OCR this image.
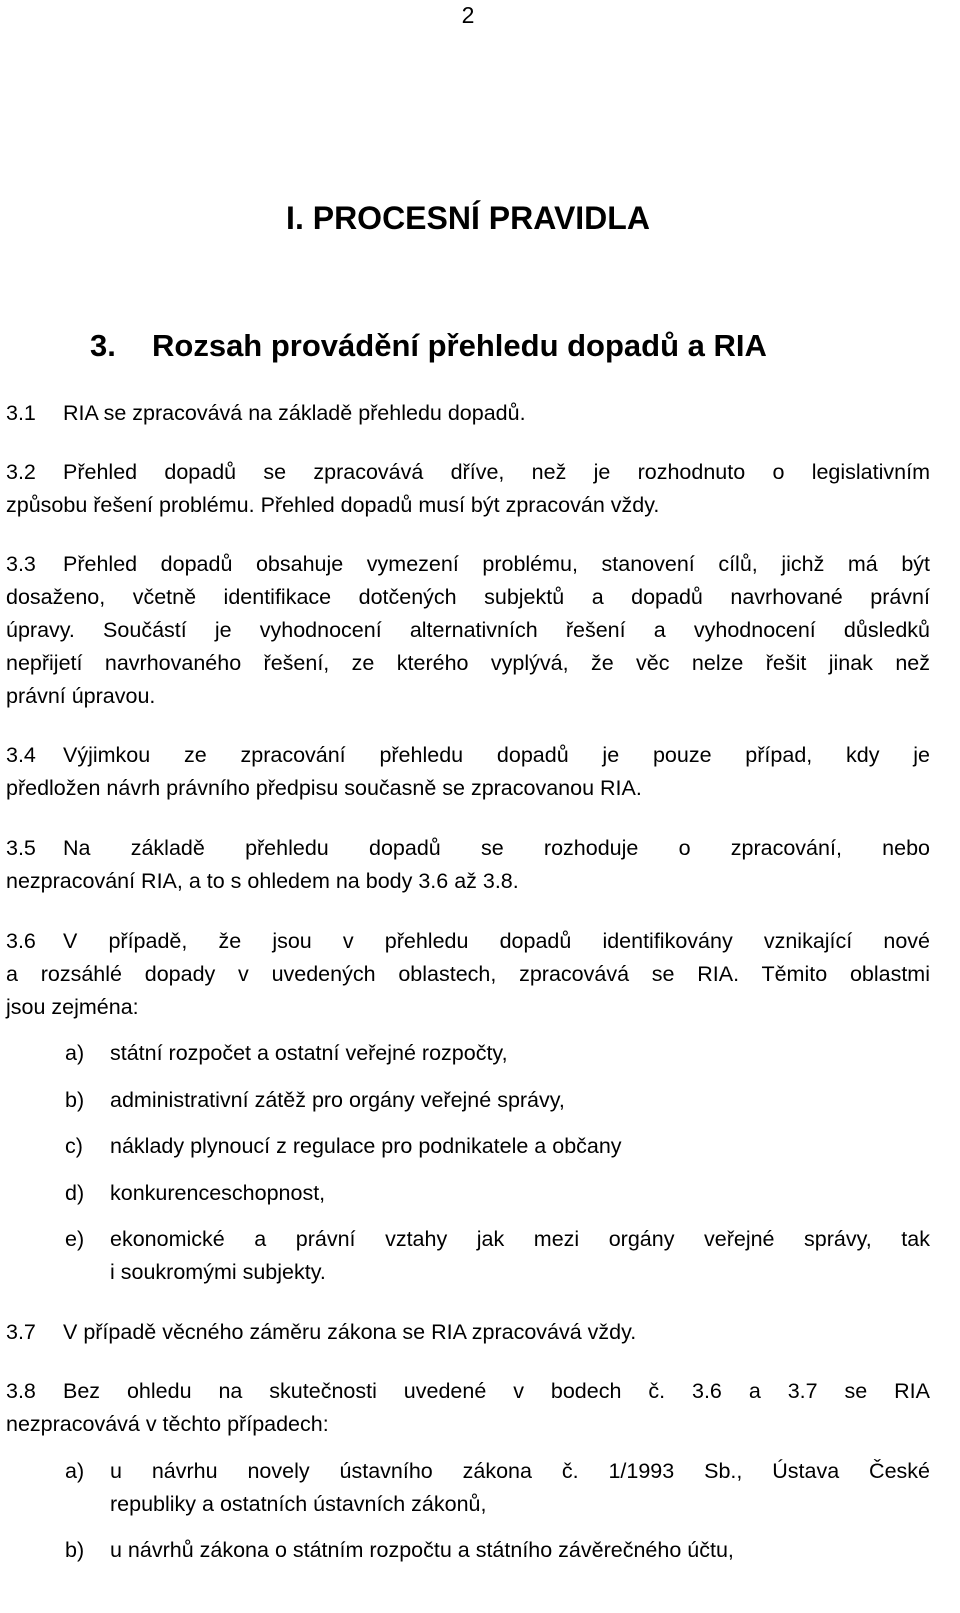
2
I. PROCESNÍ PRAVIDLA
3. Rozsah provádění přehledu dopadů a RIA
3.1 RIA se zpracovává na základě přehledu dopadů.
3.2 Přehled dopadů se zpracovává dříve, než je rozhodnuto o legislativním
způsobu řešení problému. Přehled dopadů musí být zpracován vždy.
3.3 Přehled dopadů obsahuje vymezení problému, stanovení cílů, jichž má být
dosaženo, včetně identifikace dotčených subjektů a dopadů navrhované právní
úpravy. Součástí je vyhodnocení alternativních řešení a vyhodnocení důsledků
nepřijetí navrhovaného řešení, ze kterého vyplývá, že věc nelze řešit jinak než
právní úpravou.
3.4 Výjimkou ze zpracování přehledu dopadů je pouze případ, kdy je
předložen návrh právního předpisu současně se zpracovanou RIA.
3.5 Na základě přehledu dopadů se rozhoduje o zpracování, nebo
nezpracování RIA, a to s ohledem na body 3.6 až 3.8.
3.6 V případě, že jsou v přehledu dopadů identifikovány vznikající nové
a rozsáhlé dopady v uvedených oblastech, zpracovává se RIA. Těmito oblastmi
jsou zejména:
a) státní rozpočet a ostatní veřejné rozpočty,
b) administrativní zátěž pro orgány veřejné správy,
c) náklady plynoucí z regulace pro podnikatele a občany
d) konkurenceschopnost,
e) ekonomické a právní vztahy jak mezi orgány veřejné správy, tak
i soukromými subjekty.
3.7 V případě věcného záměru zákona se RIA zpracovává vždy.
3.8 Bez ohledu na skutečnosti uvedené v bodech č. 3.6 a 3.7 se RIA
nezpracovává v těchto případech:
a) u návrhu novely ústavního zákona č. 1/1993 Sb., Ústava České
republiky a ostatních ústavních zákonů,
b) u návrhů zákona o státním rozpočtu a státního závěrečného účtu,
